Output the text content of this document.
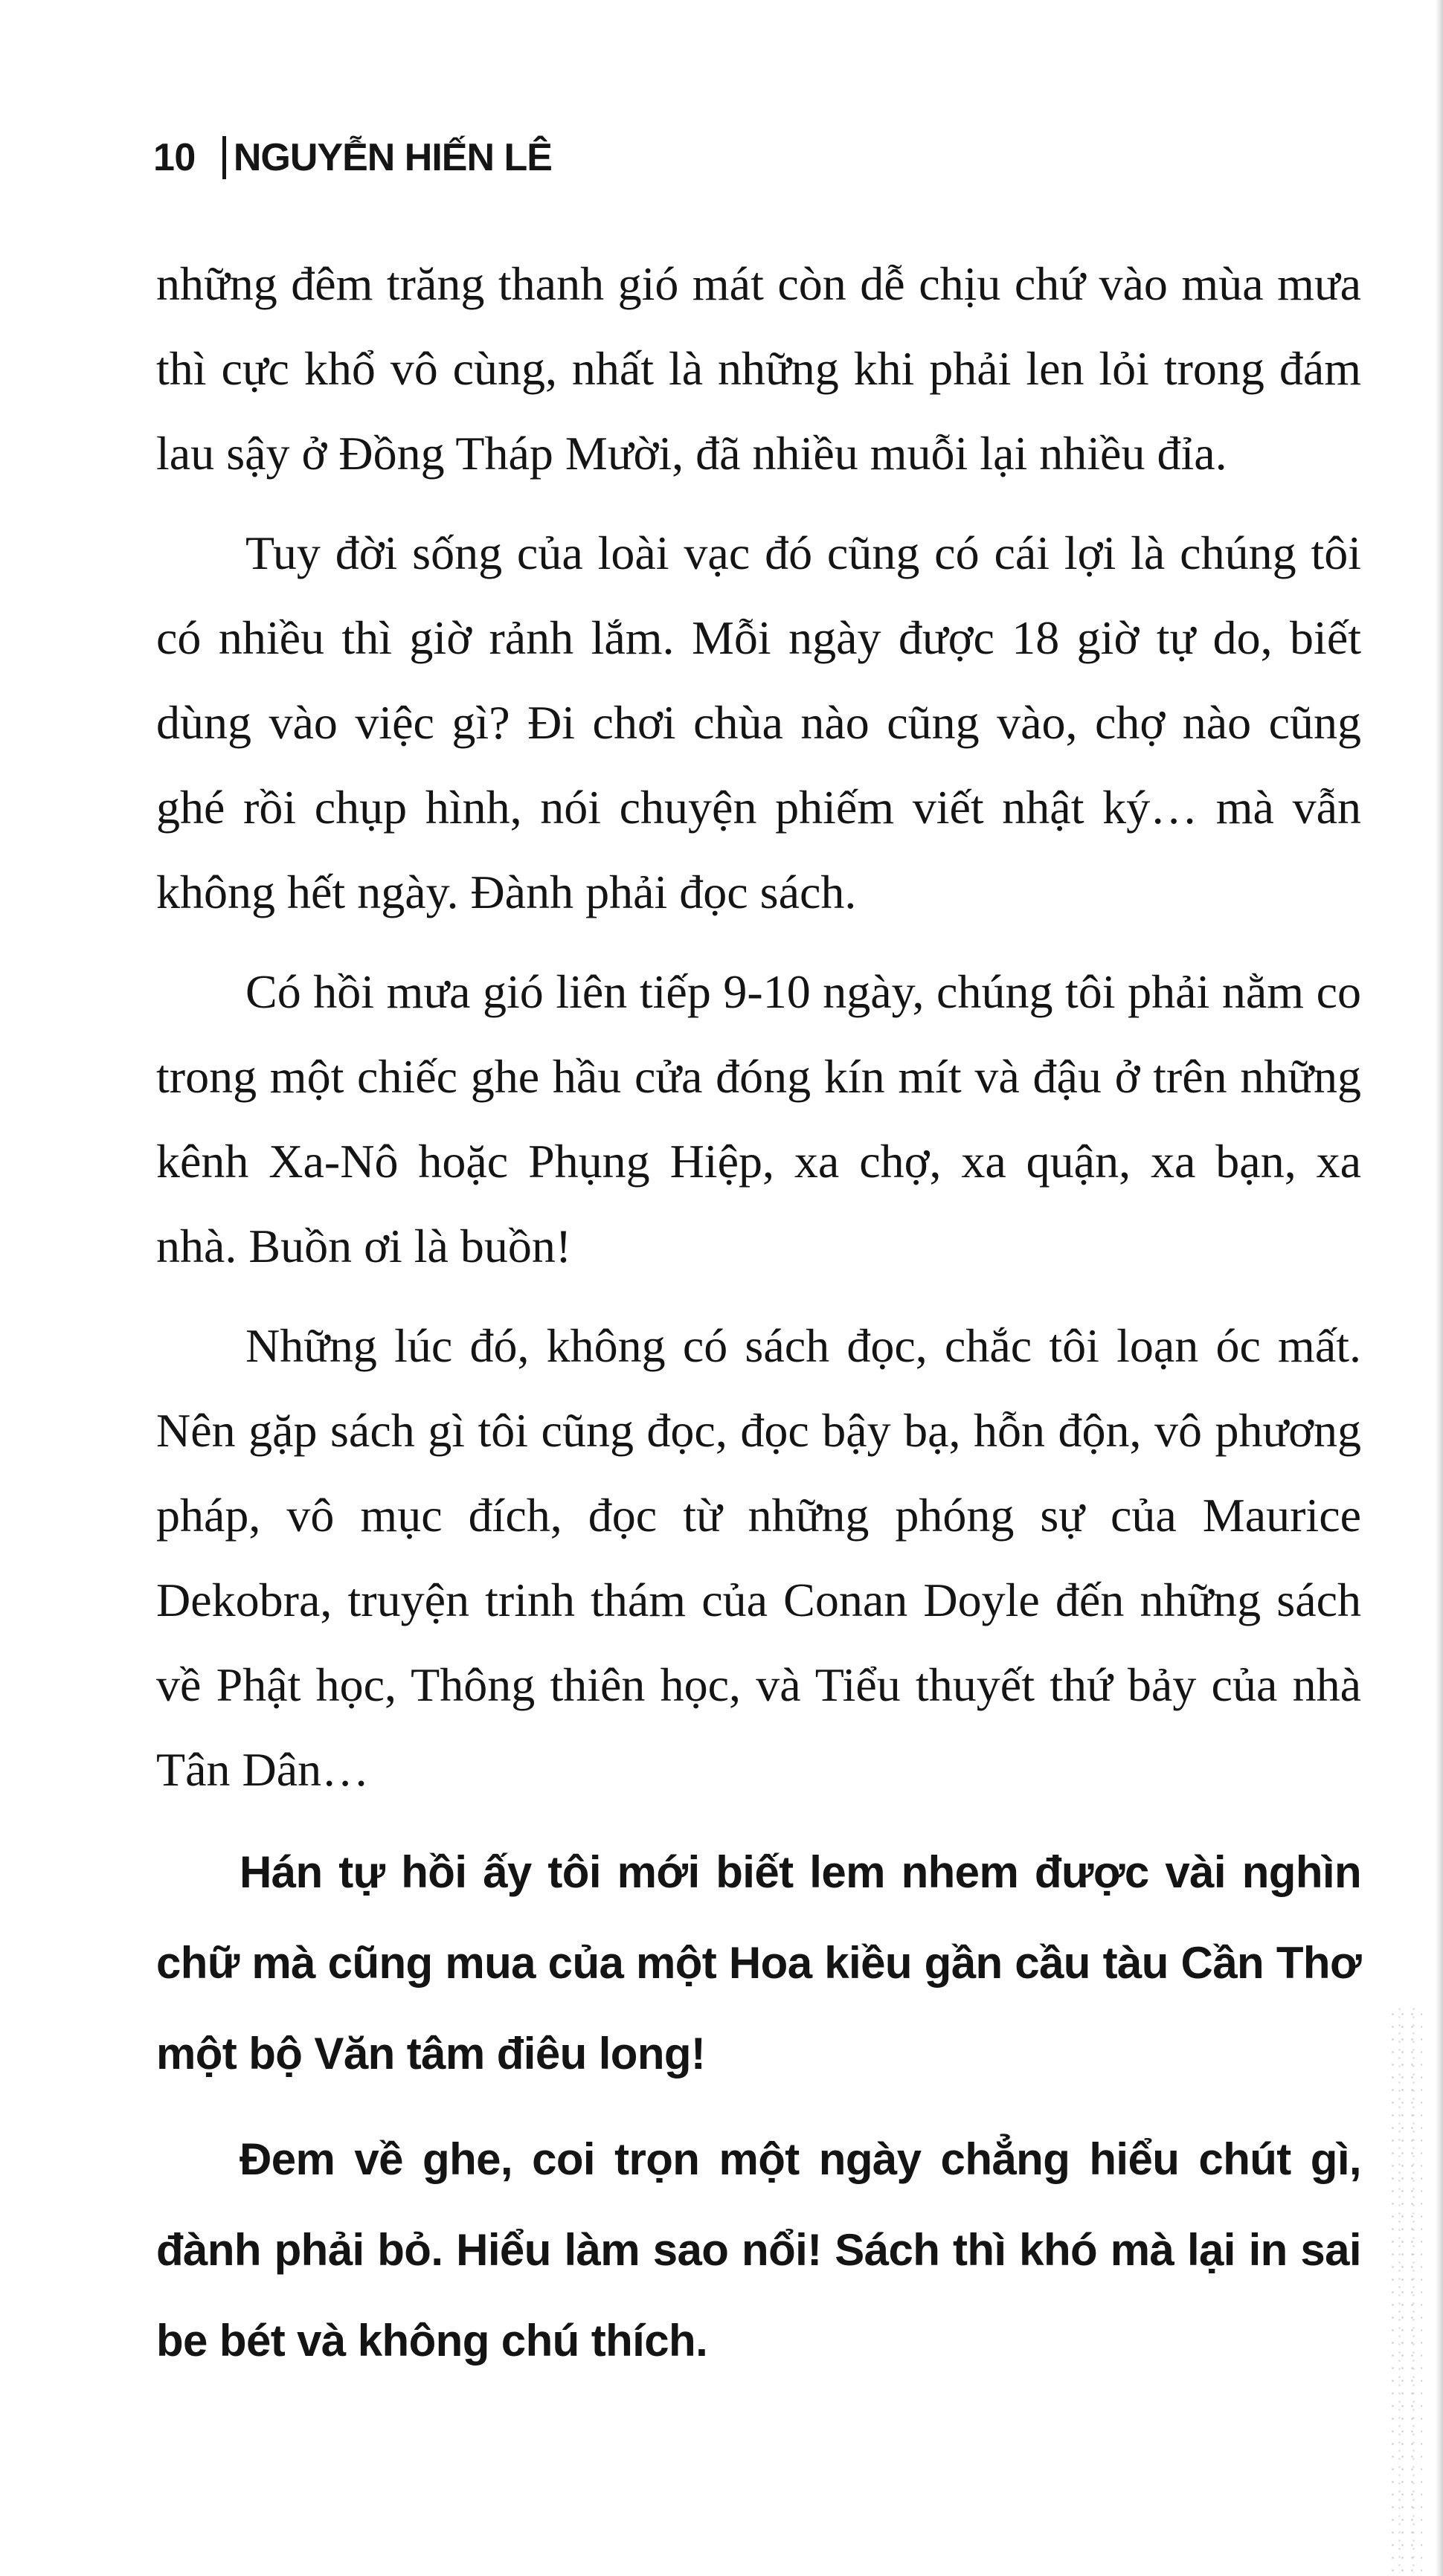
10 NGUYỄN HIẾN LÊ

những đêm trăng thanh gió mát còn dễ chịu chứ vào mùa mưa thì cực khổ vô cùng, nhất là những khi phải len lỏi trong đám lau sậy ở Đồng Tháp Mười, đã nhiều muỗi lại nhiều đỉa.

Tuy đời sống của loài vạc đó cũng có cái lợi là chúng tôi có nhiều thì giờ rảnh lắm. Mỗi ngày được 18 giờ tự do, biết dùng vào việc gì? Đi chơi chùa nào cũng vào, chợ nào cũng ghé rồi chụp hình, nói chuyện phiếm viết nhật ký… mà vẫn không hết ngày. Đành phải đọc sách.

Có hồi mưa gió liên tiếp 9-10 ngày, chúng tôi phải nằm co trong một chiếc ghe hầu cửa đóng kín mít và đậu ở trên những kênh Xa-Nô hoặc Phụng Hiệp, xa chợ, xa quận, xa bạn, xa nhà. Buồn ơi là buồn!

Những lúc đó, không có sách đọc, chắc tôi loạn óc mất. Nên gặp sách gì tôi cũng đọc, đọc bậy bạ, hỗn độn, vô phương pháp, vô mục đích, đọc từ những phóng sự của Maurice Dekobra, truyện trinh thám của Conan Doyle đến những sách về Phật học, Thông thiên học, và Tiểu thuyết thứ bảy của nhà Tân Dân…

Hán tự hồi ấy tôi mới biết lem nhem được vài nghìn chữ mà cũng mua của một Hoa kiều gần cầu tàu Cần Thơ một bộ Văn tâm điêu long!

Đem về ghe, coi trọn một ngày chẳng hiểu chút gì, đành phải bỏ. Hiểu làm sao nổi! Sách thì khó mà lại in sai be bét và không chú thích.
